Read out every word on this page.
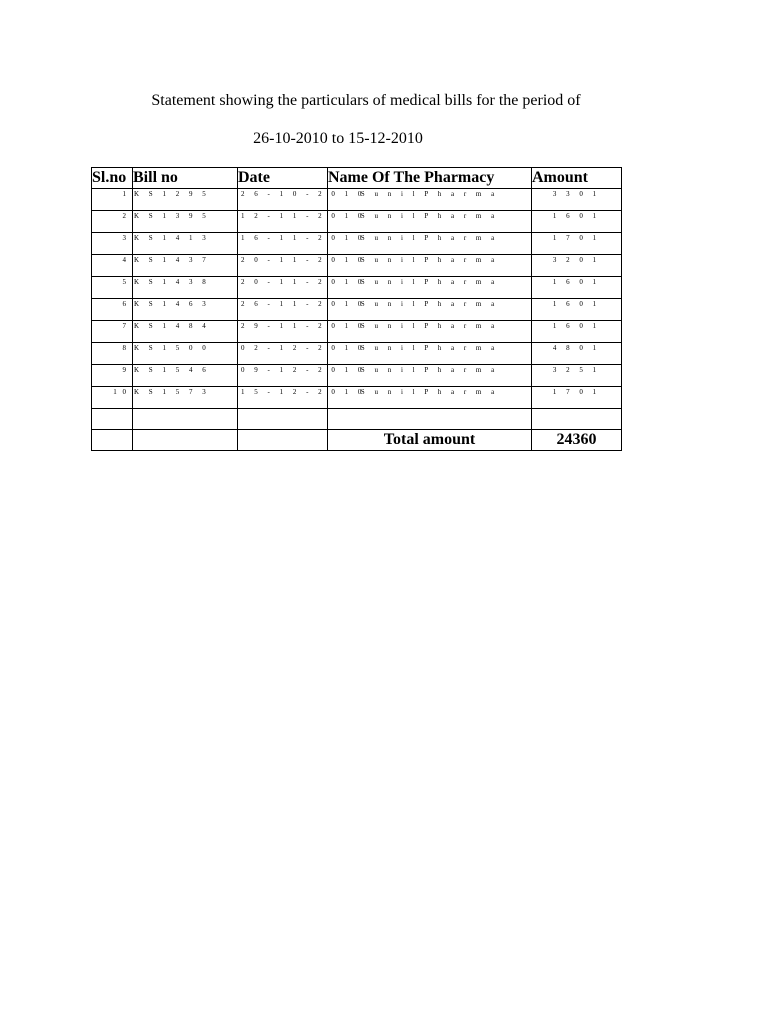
Statement showing the particulars of medical bills for the period of
26-10-2010 to 15-12-2010
Sl.no	Bill no	Date	Name Of The Pharmacy	Amount
1	K S 1 2 9 5	2 6 - 1 0 - 2 0 1 0	S u n i l P h a r m a	3 3 0 1
2	K S 1 3 9 5	1 2 - 1 1 - 2 0 1 0	S u n i l P h a r m a	1 6 0 1
3	K S 1 4 1 3	1 6 - 1 1 - 2 0 1 0	S u n i l P h a r m a	1 7 0 1
4	K S 1 4 3 7	2 0 - 1 1 - 2 0 1 0	S u n i l P h a r m a	3 2 0 1
5	K S 1 4 3 8	2 0 - 1 1 - 2 0 1 0	S u n i l P h a r m a	1 6 0 1
6	K S 1 4 6 3	2 6 - 1 1 - 2 0 1 0	S u n i l P h a r m a	1 6 0 1
7	K S 1 4 8 4	2 9 - 1 1 - 2 0 1 0	S u n i l P h a r m a	1 6 0 1
8	K S 1 5 0 0	0 2 - 1 2 - 2 0 1 0	S u n i l P h a r m a	4 8 0 1
9	K S 1 5 4 6	0 9 - 1 2 - 2 0 1 0	S u n i l P h a r m a	3 2 5 1
1 0	K S 1 5 7 3	1 5 - 1 2 - 2 0 1 0	S u n i l P h a r m a	1 7 0 1

			Total amount	24360
